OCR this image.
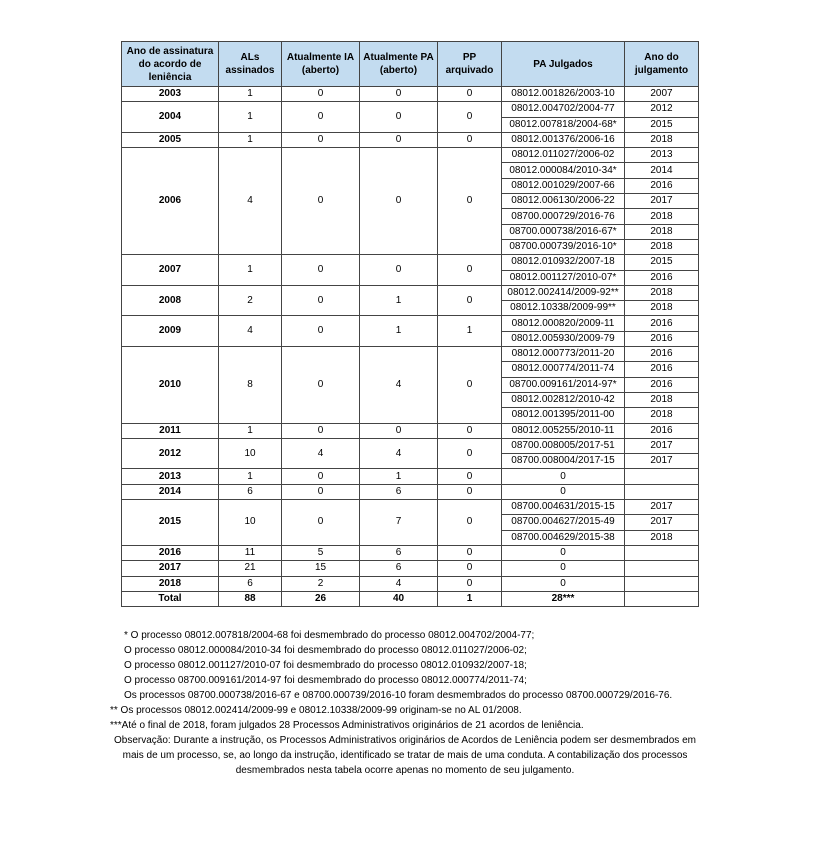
Ano de assinatura do acordo de leniência	ALs assinados	Atualmente IA (aberto)	Atualmente PA (aberto)	PP arquivado	PA Julgados	Ano do julgamento
2003	1	0	0	0	08012.001826/2003-10	2007
2004	1	0	0	0	08012.004702/2004-77	2012
					08012.007818/2004-68*	2015
2005	1	0	0	0	08012.001376/2006-16	2018
2006	4	0	0	0	08012.011027/2006-02	2013
					08012.000084/2010-34*	2014
					08012.001029/2007-66	2016
					08012.006130/2006-22	2017
					08700.000729/2016-76	2018
					08700.000738/2016-67*	2018
					08700.000739/2016-10*	2018
2007	1	0	0	0	08012.010932/2007-18	2015
					08012.001127/2010-07*	2016
2008	2	0	1	0	08012.002414/2009-92**	2018
					08012.10338/2009-99**	2018
2009	4	0	1	1	08012.000820/2009-11	2016
					08012.005930/2009-79	2016
2010	8	0	4	0	08012.000773/2011-20	2016
					08012.000774/2011-74	2016
					08700.009161/2014-97*	2016
					08012.002812/2010-42	2018
					08012.001395/2011-00	2018
2011	1	0	0	0	08012.005255/2010-11	2016
2012	10	4	4	0	08700.008005/2017-51	2017
					08700.008004/2017-15	2017
2013	1	0	1	0	0	
2014	6	0	6	0	0	
2015	10	0	7	0	08700.004631/2015-15	2017
					08700.004627/2015-49	2017
					08700.004629/2015-38	2018
2016	11	5	6	0	0	
2017	21	15	6	0	0	
2018	6	2	4	0	0	
Total	88	26	40	1	28***	

* O processo 08012.007818/2004-68 foi desmembrado do processo 08012.004702/2004-77;

O processo 08012.000084/2010-34 foi desmembrado do processo 08012.011027/2006-02;

O processo 08012.001127/2010-07 foi desmembrado do processo 08012.010932/2007-18;

O processo 08700.009161/2014-97 foi desmembrado do processo 08012.000774/2011-74;

Os processos 08700.000738/2016-67 e 08700.000739/2016-10 foram desmembrados do processo 08700.000729/2016-76.

** Os processos 08012.002414/2009-99 e 08012.10338/2009-99 originam-se no AL 01/2008.

***Até o final de 2018, foram julgados 28 Processos Administrativos originários de 21 acordos de leniência.

Observação: Durante a instrução, os Processos Administrativos originários de Acordos de Leniência podem ser desmembrados em mais de um processo, se, ao longo da instrução, identificado se tratar de mais de uma conduta. A contabilização dos processos desmembrados nesta tabela ocorre apenas no momento de seu julgamento.
